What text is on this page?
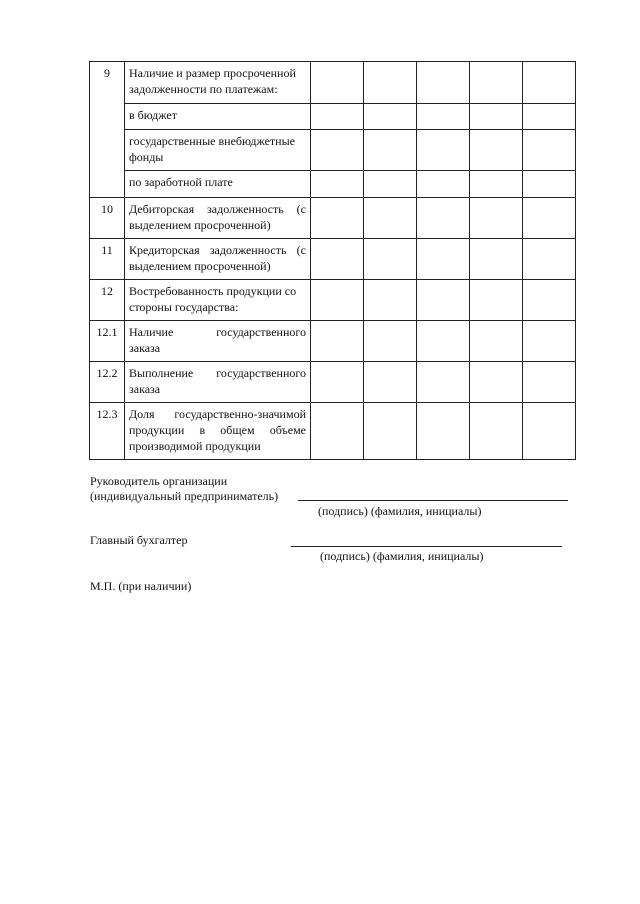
9	Наличие и размер просроченной задолженности по платежам:					
	в бюджет					
	государственные внебюджетные фонды					
	по заработной плате					
10	Дебиторская задолженность (с
выделением просроченной)					

11	Кредиторская задолженность (с
выделением просроченной)					

12	Востребованность продукции со стороны государства:					
12.1	Наличие государственного
заказа					

12.2	Выполнение государственного
заказа					

12.3	Доля государственно-значимой
продукции в общем объеме
производимой продукции					

Руководитель организации
(индивидуальный предприниматель)
(подпись) (фамилия, инициалы)
Главный бухгалтер
(подпись) (фамилия, инициалы)
М.П. (при наличии)
